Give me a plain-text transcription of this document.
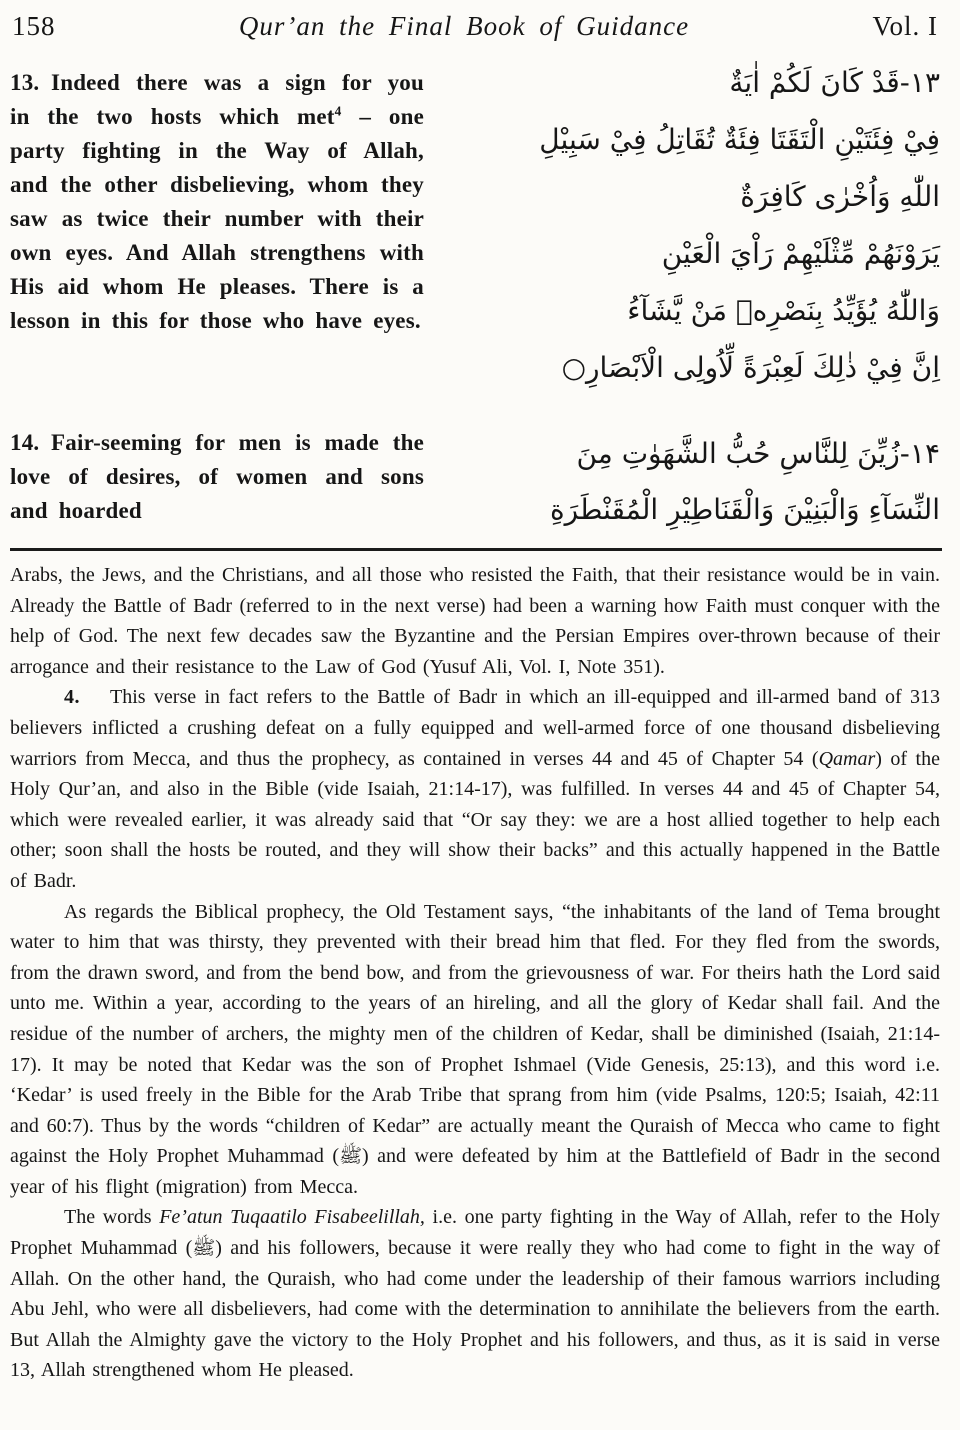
158	Qur’an the Final Book of Guidance	Vol. I

13. Indeed there was a sign for you in the two hosts which met$^4$ – one party fighting in the Way of Allah, and the other disbelieving, whom they saw as twice their number with their own eyes. And Allah strengthens with His aid whom He pleases. There is a lesson in this for those who have eyes.

۱۳-قَدْ كَانَ لَكُمْ اٰيَةٌ
فِيْ فِئَتَيْنِ الْتَقَتَا فِئَةٌ تُقَاتِلُ فِيْ سَبِيْلِ
اللّٰهِ وَاُخْرٰى كَافِرَةٌ
يَرَوْنَهُمْ مِّثْلَيْهِمْ رَاْيَ الْعَيْنِ
وَاللّٰهُ يُؤَيِّدُ بِنَصْرِهٖ مَنْ يَّشَآءُ
اِنَّ فِيْ ذٰلِكَ لَعِبْرَةً لِّاُولِى الْاَبْصَارِ○

14. Fair-seeming for men is made the love of desires, of women and sons and hoarded

۱۴-زُيِّنَ لِلنَّاسِ حُبُّ الشَّهَوٰتِ مِنَ
النِّسَآءِ وَالْبَنِيْنَ وَالْقَنَاطِيْرِ الْمُقَنْطَرَةِ

Arabs, the Jews, and the Christians, and all those who resisted the Faith, that their resistance would be in vain. Already the Battle of Badr (referred to in the next verse) had been a warning how Faith must conquer with the help of God. The next few decades saw the Byzantine and the Persian Empires over-thrown because of their arrogance and their resistance to the Law of God (Yusuf Ali, Vol. I, Note 351).

4.  This verse in fact refers to the Battle of Badr in which an ill-equipped and ill-armed band of 313 believers inflicted a crushing defeat on a fully equipped and well-armed force of one thousand disbelieving warriors from Mecca, and thus the prophecy, as contained in verses 44 and 45 of Chapter 54 (Qamar) of the Holy Qur’an, and also in the Bible (vide Isaiah, 21:14-17), was fulfilled. In verses 44 and 45 of Chapter 54, which were revealed earlier, it was already said that “Or say they: we are a host allied together to help each other; soon shall the hosts be routed, and they will show their backs” and this actually happened in the Battle of Badr.

As regards the Biblical prophecy, the Old Testament says, “the inhabitants of the land of Tema brought water to him that was thirsty, they prevented with their bread him that fled. For they fled from the swords, from the drawn sword, and from the bend bow, and from the grievousness of war. For theirs hath the Lord said unto me. Within a year, according to the years of an hireling, and all the glory of Kedar shall fail. And the residue of the number of archers, the mighty men of the children of Kedar, shall be diminished (Isaiah, 21:14-17). It may be noted that Kedar was the son of Prophet Ishmael (Vide Genesis, 25:13), and this word i.e. ‘Kedar’ is used freely in the Bible for the Arab Tribe that sprang from him (vide Psalms, 120:5; Isaiah, 42:11 and 60:7). Thus by the words “children of Kedar” are actually meant the Quraish of Mecca who came to fight against the Holy Prophet Muhammad (ﷺ) and were defeated by him at the Battlefield of Badr in the second year of his flight (migration) from Mecca.

The words Fe’atun Tuqaatilo Fisabeelillah, i.e. one party fighting in the Way of Allah, refer to the Holy Prophet Muhammad (ﷺ) and his followers, because it were really they who had come to fight in the way of Allah. On the other hand, the Quraish, who had come under the leadership of their famous warriors including Abu Jehl, who were all disbelievers, had come with the determination to annihilate the believers from the earth. But Allah the Almighty gave the victory to the Holy Prophet and his followers, and thus, as it is said in verse 13, Allah strengthened whom He pleased.
